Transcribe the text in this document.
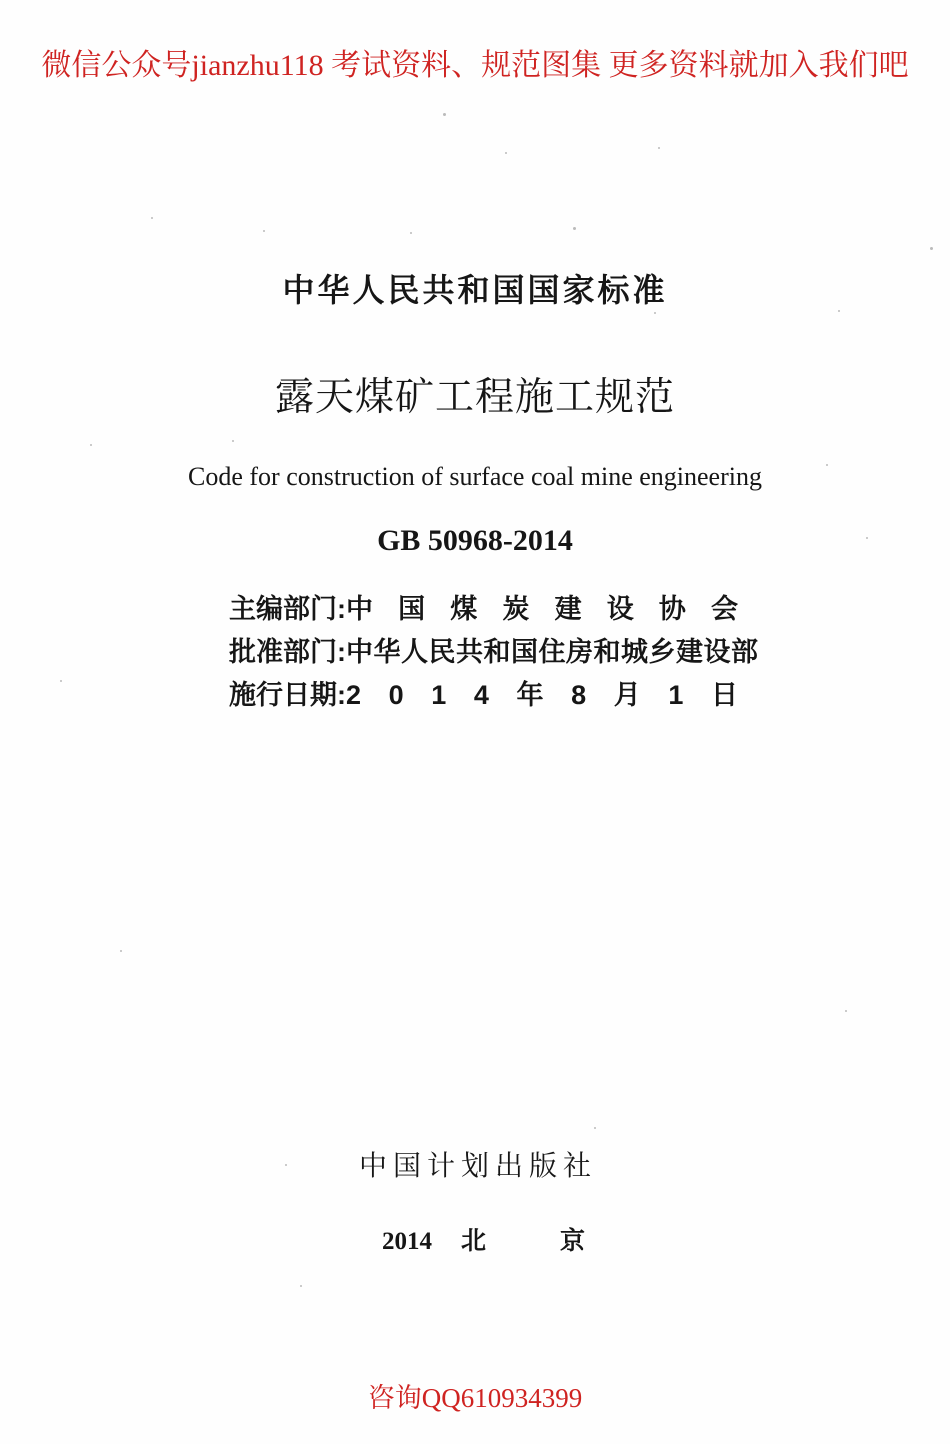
微信公众号jianzhu118 考试资料、规范图集 更多资料就加入我们吧
中华人民共和国国家标准
露天煤矿工程施工规范
Code for construction of surface coal mine engineering
GB 50968-2014
主编部门: 中 国 煤 炭 建 设 协 会
批准部门: 中华人民共和国住房和城乡建设部
施行日期: 2 0 1 4 年 8 月 1 日
中国计划出版社
2014 北	京
咨询QQ610934399
